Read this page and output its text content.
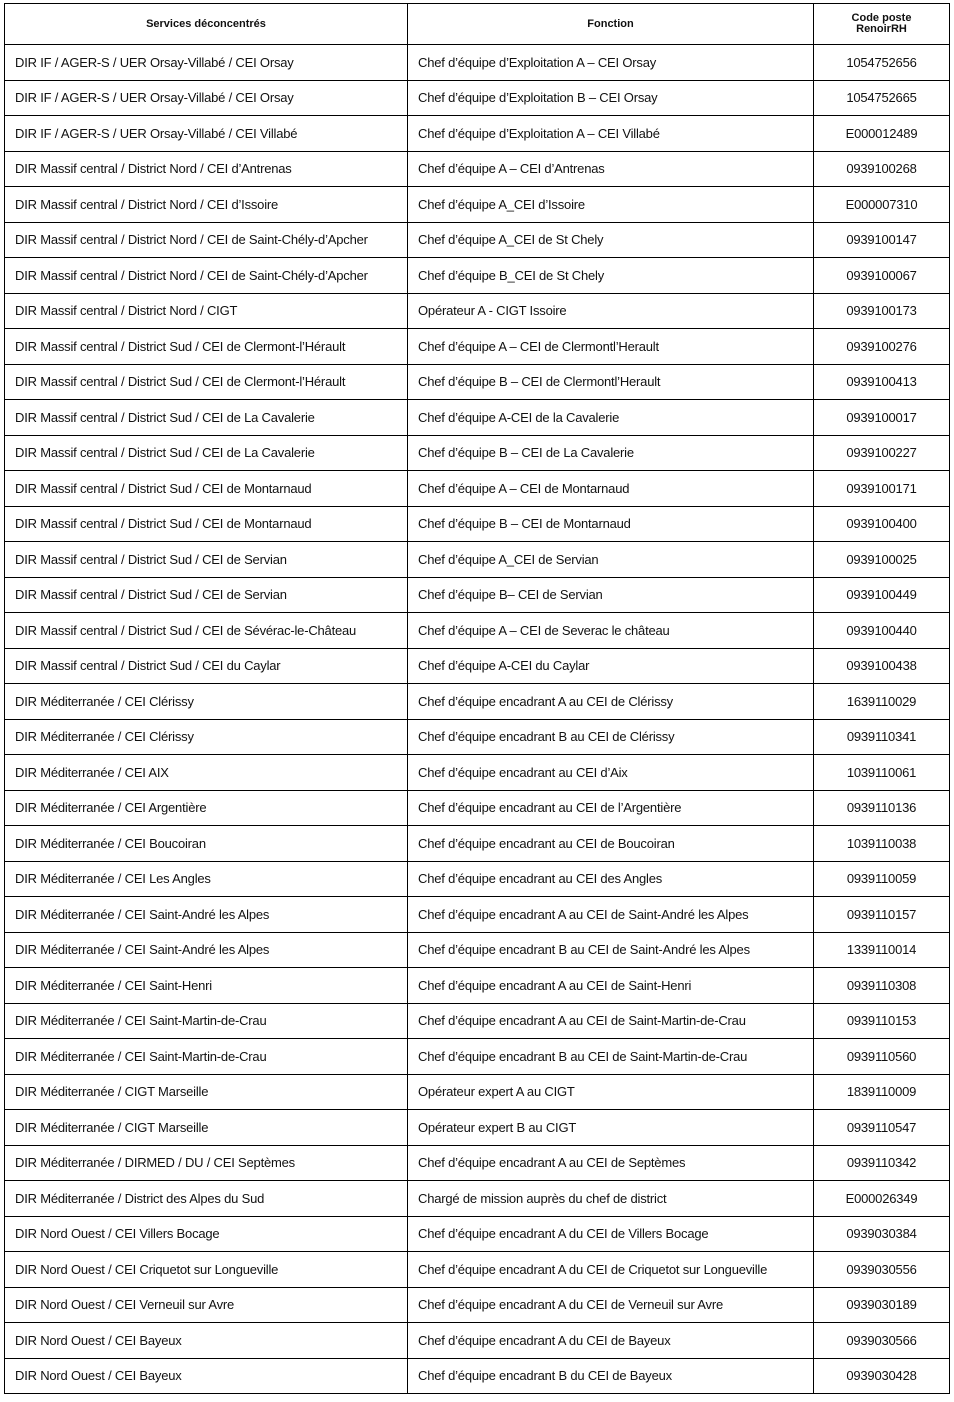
Services déconcentrés	Fonction	Code poste
RenoirRH

DIR IF / AGER-S / UER Orsay-Villabé / CEI Orsay	Chef d’équipe d’Exploitation A – CEI Orsay	1054752656
DIR IF / AGER-S / UER Orsay-Villabé / CEI Orsay	Chef d’équipe d’Exploitation B – CEI Orsay	1054752665
DIR IF / AGER-S / UER Orsay-Villabé / CEI Villabé	Chef d’équipe d’Exploitation A – CEI Villabé	E000012489
DIR Massif central / District Nord / CEI d’Antrenas	Chef d’équipe A – CEI d’Antrenas	0939100268
DIR Massif central / District Nord / CEI d’Issoire	Chef d’équipe A_CEI d’Issoire	E000007310
DIR Massif central / District Nord / CEI de Saint-Chély-d’Apcher	Chef d’équipe A_CEI de St Chely	0939100147
DIR Massif central / District Nord / CEI de Saint-Chély-d’Apcher	Chef d’équipe B_CEI de St Chely	0939100067
DIR Massif central / District Nord / CIGT	Opérateur A - CIGT Issoire	0939100173
DIR Massif central / District Sud / CEI de Clermont-l’Hérault	Chef d’équipe A – CEI de Clermontl’Herault	0939100276
DIR Massif central / District Sud / CEI de Clermont-l’Hérault	Chef d’équipe B – CEI de Clermontl’Herault	0939100413
DIR Massif central / District Sud / CEI de La Cavalerie	Chef d’équipe A-CEI de la Cavalerie	0939100017
DIR Massif central / District Sud / CEI de La Cavalerie	Chef d’équipe B – CEI de La Cavalerie	0939100227
DIR Massif central / District Sud / CEI de Montarnaud	Chef d’équipe A – CEI de Montarnaud	0939100171
DIR Massif central / District Sud / CEI de Montarnaud	Chef d’équipe B – CEI de Montarnaud	0939100400
DIR Massif central / District Sud / CEI de Servian	Chef d’équipe A_CEI de Servian	0939100025
DIR Massif central / District Sud / CEI de Servian	Chef d’équipe B– CEI de Servian	0939100449
DIR Massif central / District Sud / CEI de Sévérac-le-Château	Chef d’équipe A – CEI de Severac le château	0939100440
DIR Massif central / District Sud / CEI du Caylar	Chef d’équipe A-CEI du Caylar	0939100438
DIR Méditerranée / CEI Clérissy	Chef d’équipe encadrant A au CEI de Clérissy	1639110029
DIR Méditerranée / CEI Clérissy	Chef d’équipe encadrant B au CEI de Clérissy	0939110341
DIR Méditerranée / CEI AIX	Chef d’équipe encadrant au CEI d’Aix	1039110061
DIR Méditerranée / CEI Argentière	Chef d’équipe encadrant au CEI de l’Argentière	0939110136
DIR Méditerranée / CEI Boucoiran	Chef d’équipe encadrant au CEI de Boucoiran	1039110038
DIR Méditerranée / CEI Les Angles	Chef d’équipe encadrant au CEI des Angles	0939110059
DIR Méditerranée / CEI Saint-André les Alpes	Chef d’équipe encadrant A au CEI de Saint-André les Alpes	0939110157
DIR Méditerranée / CEI Saint-André les Alpes	Chef d’équipe encadrant B au CEI de Saint-André les Alpes	1339110014
DIR Méditerranée / CEI Saint-Henri	Chef d’équipe encadrant A au CEI de Saint-Henri	0939110308
DIR Méditerranée / CEI Saint-Martin-de-Crau	Chef d’équipe encadrant A au CEI de Saint-Martin-de-Crau	0939110153
DIR Méditerranée / CEI Saint-Martin-de-Crau	Chef d’équipe encadrant B au CEI de Saint-Martin-de-Crau	0939110560
DIR Méditerranée / CIGT Marseille	Opérateur expert A au CIGT	1839110009
DIR Méditerranée / CIGT Marseille	Opérateur expert B au CIGT	0939110547
DIR Méditerranée / DIRMED / DU / CEI Septèmes	Chef d’équipe encadrant A au CEI de Septèmes	0939110342
DIR Méditerranée / District des Alpes du Sud	Chargé de mission auprès du chef de district	E000026349
DIR Nord Ouest / CEI Villers Bocage	Chef d’équipe encadrant A du CEI de Villers Bocage	0939030384
DIR Nord Ouest / CEI Criquetot sur Longueville	Chef d’équipe encadrant A du CEI de Criquetot sur Longueville	0939030556
DIR Nord Ouest / CEI Verneuil sur Avre	Chef d’équipe encadrant A du CEI de Verneuil sur Avre	0939030189
DIR Nord Ouest / CEI Bayeux	Chef d’équipe encadrant A du CEI de Bayeux	0939030566
DIR Nord Ouest / CEI Bayeux	Chef d’équipe encadrant B du CEI de Bayeux	0939030428
